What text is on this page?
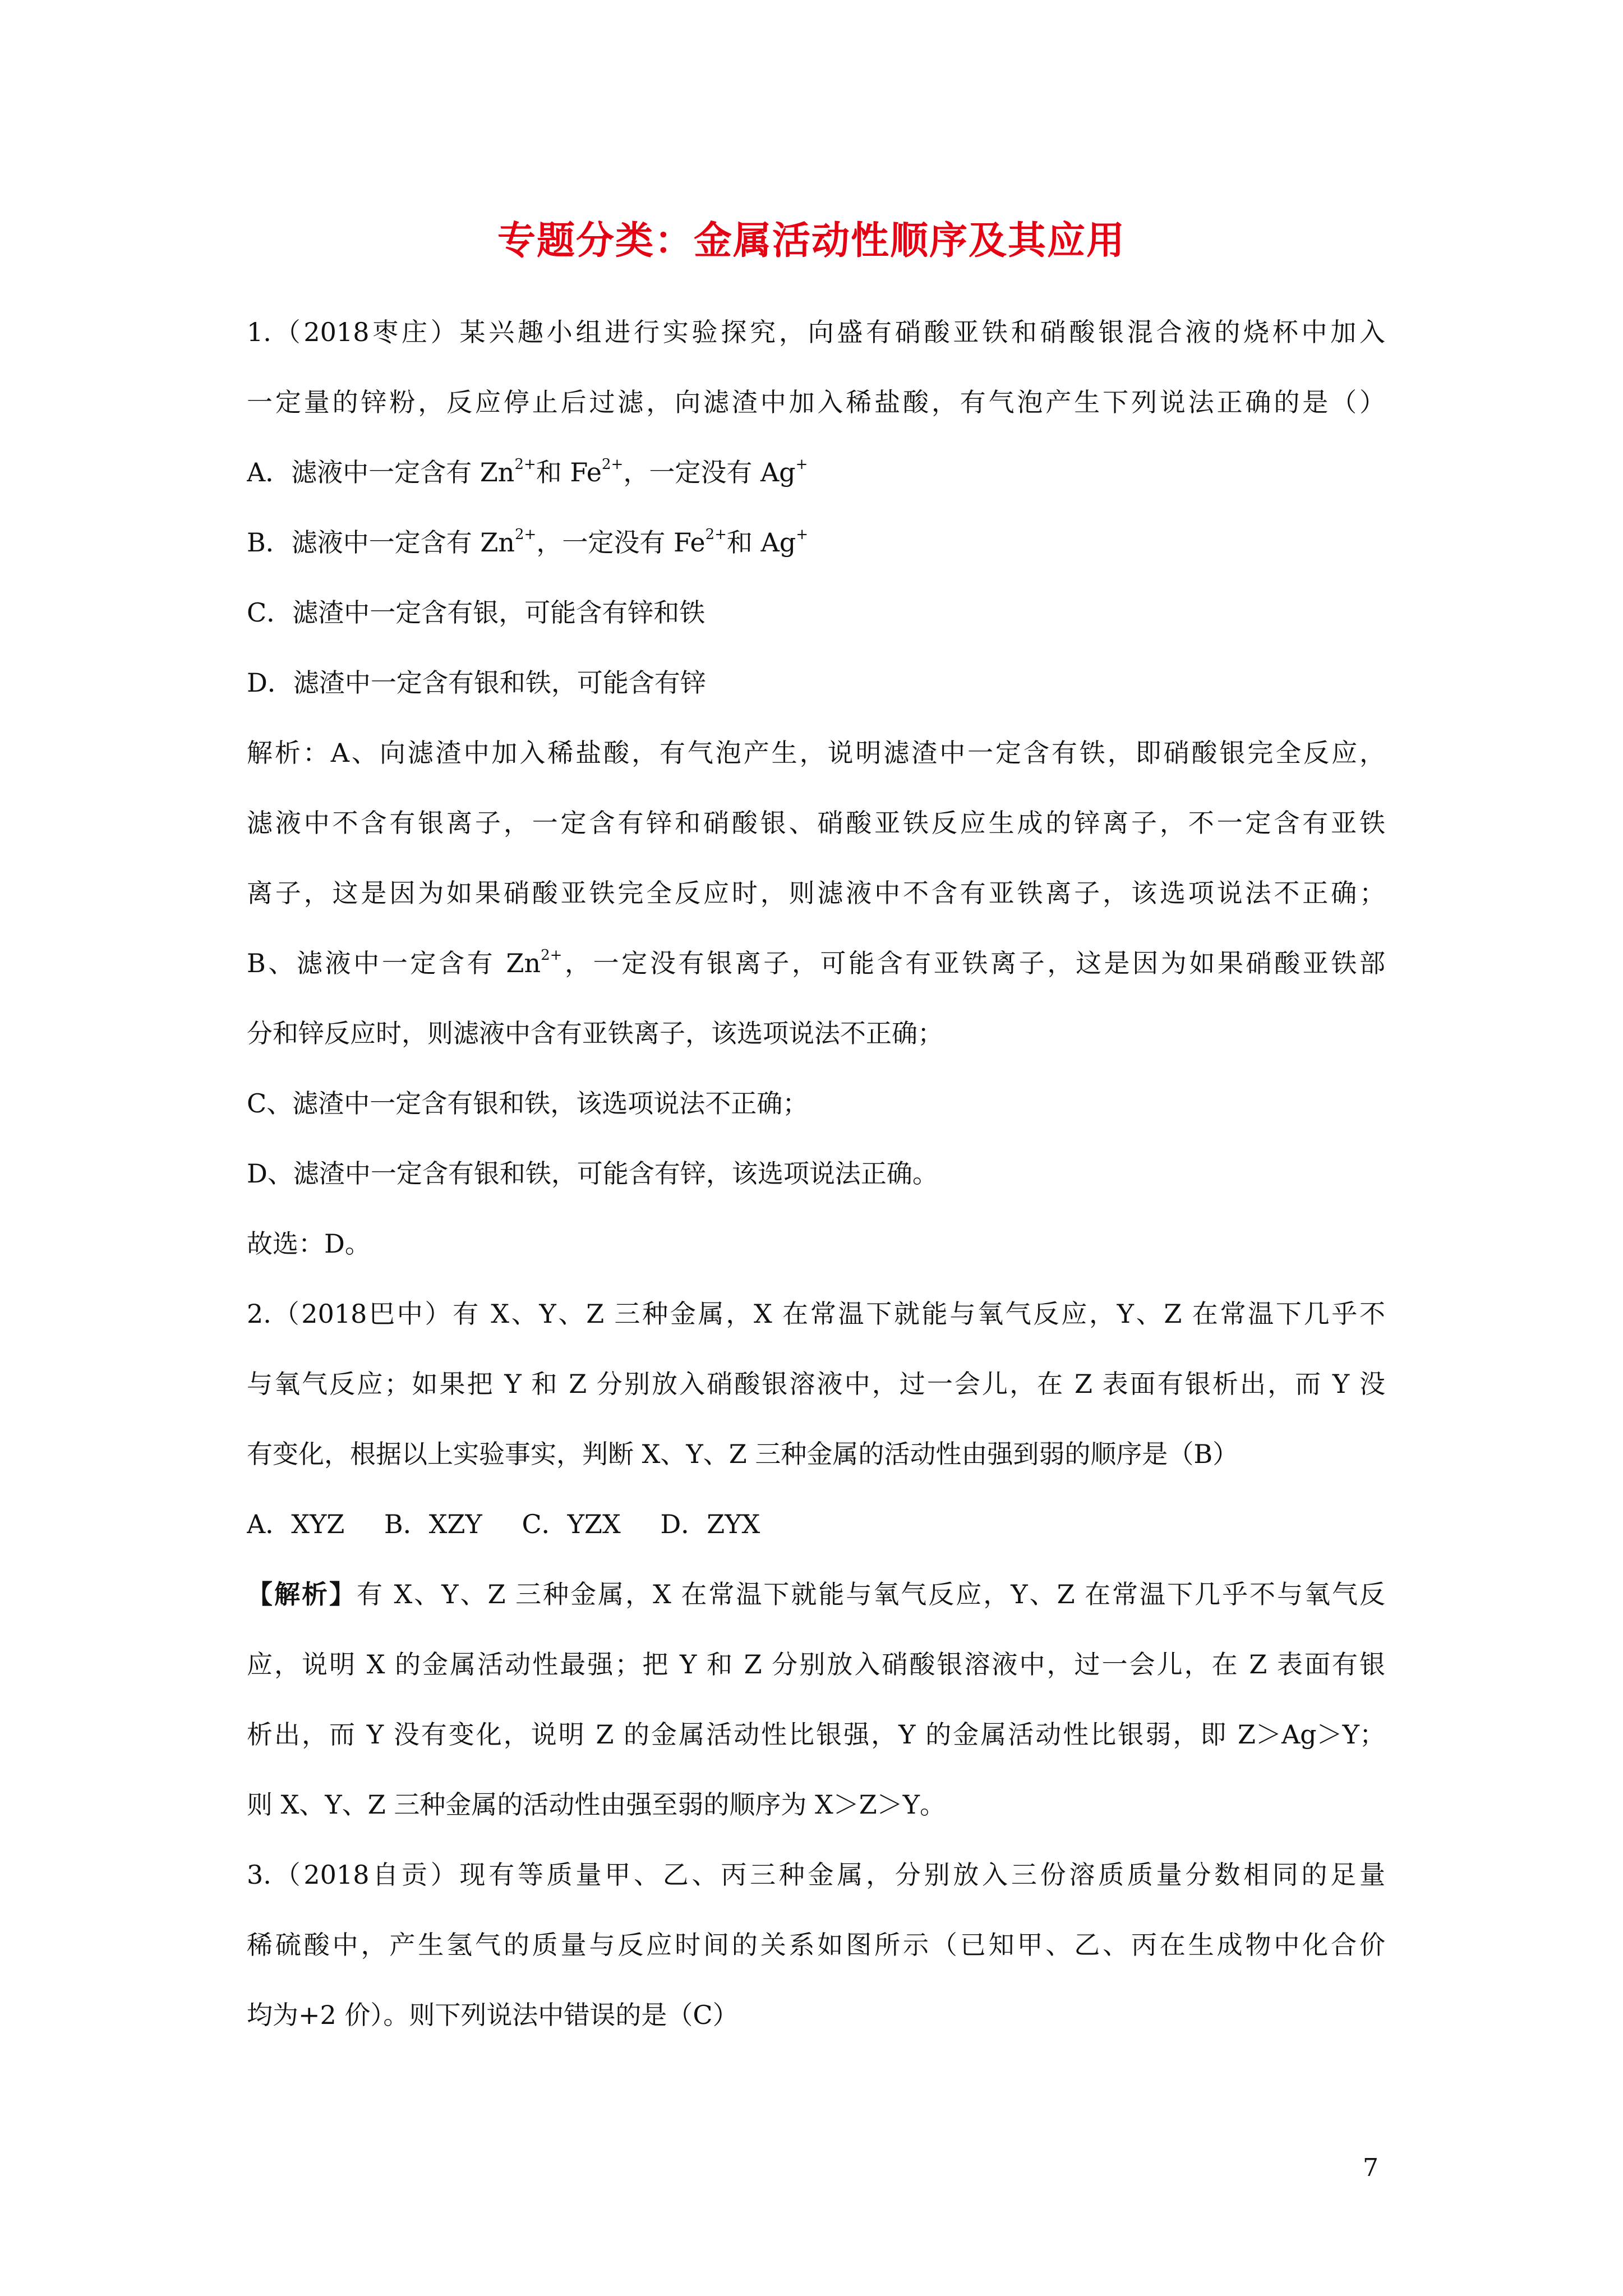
专题分类：金属活动性顺序及其应用
1.（2018枣庄）某兴趣小组进行实验探究，向盛有硝酸亚铁和硝酸银混合液的烧杯中加入
一定量的锌粉，反应停止后过滤，向滤渣中加入稀盐酸，有气泡产生下列说法正确的是（）
A．滤液中一定含有 $Zn^{2+}$和 $Fe^{2+}$，一定没有 Ag+
B．滤液中一定含有 $Zn^{2+}$，一定没有 $Fe^{2+}$和 Ag+
C．滤渣中一定含有银，可能含有锌和铁
D．滤渣中一定含有银和铁，可能含有锌
解析：A、向滤渣中加入稀盐酸，有气泡产生，说明滤渣中一定含有铁，即硝酸银完全反应，
滤液中不含有银离子，一定含有锌和硝酸银、硝酸亚铁反应生成的锌离子，不一定含有亚铁
离子，这是因为如果硝酸亚铁完全反应时，则滤液中不含有亚铁离子，该选项说法不正确；
B、滤液中一定含有 $Zn^{2+}$，一定没有银离子，可能含有亚铁离子，这是因为如果硝酸亚铁部
分和锌反应时，则滤液中含有亚铁离子，该选项说法不正确；
C、滤渣中一定含有银和铁，该选项说法不正确；
D、滤渣中一定含有银和铁，可能含有锌，该选项说法正确。
故选：D。
2.（2018巴中）有 X、Y、Z 三种金属，X 在常温下就能与氧气反应，Y、Z 在常温下几乎不
与氧气反应；如果把 Y 和 Z 分别放入硝酸银溶液中，过一会儿，在 Z 表面有银析出，而 Y 没
有变化，根据以上实验事实，判断 X、Y、Z 三种金属的活动性由强到弱的顺序是（B）
A．XYZ B．XZY C．YZX D．ZYX
【解析】有 X、Y、Z 三种金属，X 在常温下就能与氧气反应，Y、Z 在常温下几乎不与氧气反
应，说明 X 的金属活动性最强；把 Y 和 Z 分别放入硝酸银溶液中，过一会儿，在 Z 表面有银
析出，而 Y 没有变化，说明 Z 的金属活动性比银强，Y 的金属活动性比银弱，即 Z＞Ag＞Y；
则 X、Y、Z 三种金属的活动性由强至弱的顺序为 X＞Z＞Y。
3.（2018自贡）现有等质量甲、乙、丙三种金属，分别放入三份溶质质量分数相同的足量
稀硫酸中，产生氢气的质量与反应时间的关系如图所示（已知甲、乙、丙在生成物中化合价
均为+2 价）。则下列说法中错误的是（C）
7
